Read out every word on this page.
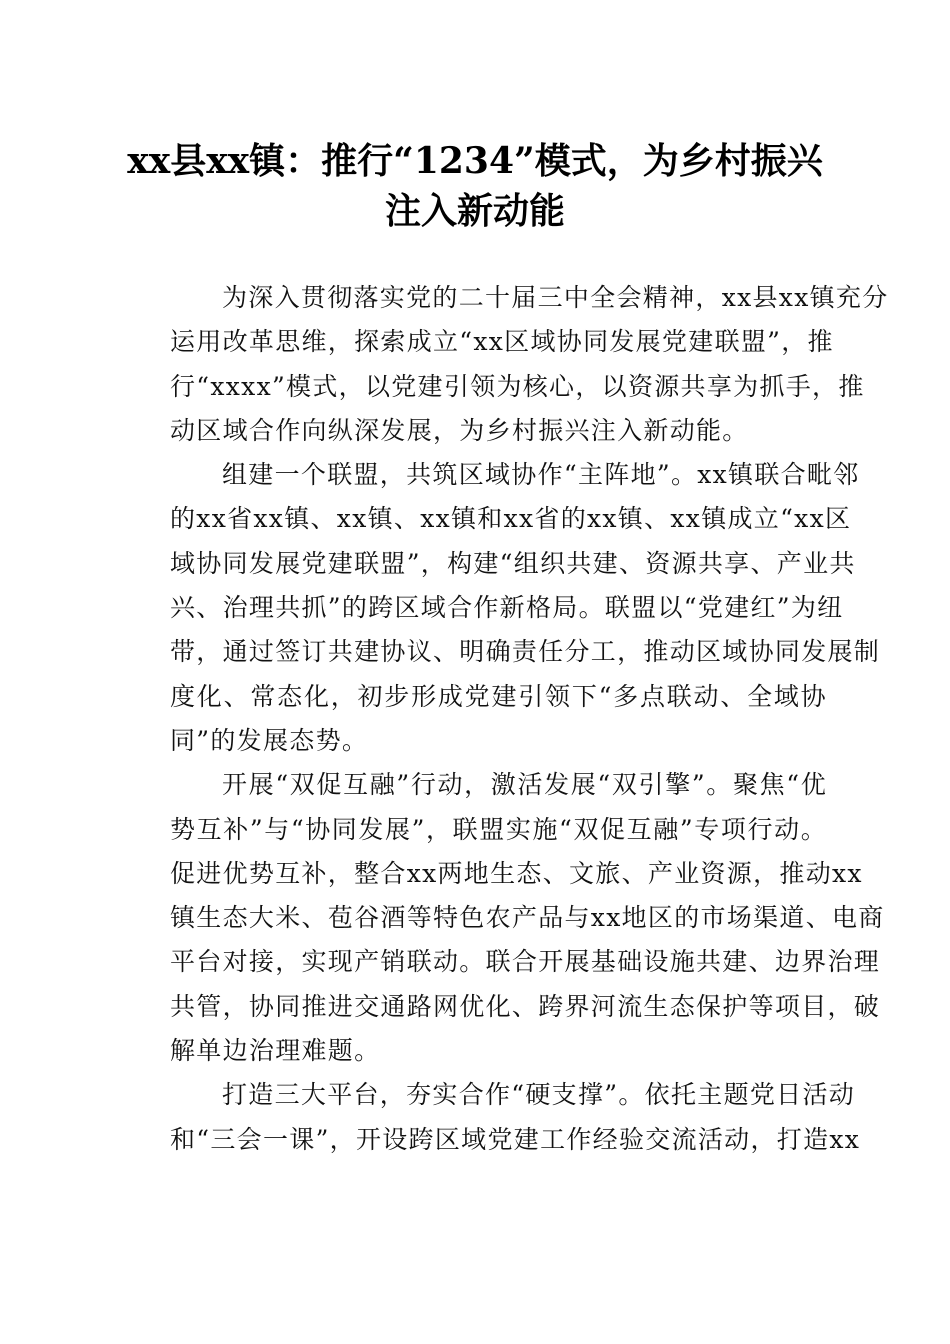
xx县xx镇：推行“1234”模式，为乡村振兴
注入新动能
为深入贯彻落实党的二十届三中全会精神，xx县xx镇充分
运用改革思维，探索成立“xx区域协同发展党建联盟”，推
行“xxxx”模式，以党建引领为核心，以资源共享为抓手，推
动区域合作向纵深发展，为乡村振兴注入新动能。
组建一个联盟，共筑区域协作“主阵地”。xx镇联合毗邻
的xx省xx镇、xx镇、xx镇和xx省的xx镇、xx镇成立“xx区
域协同发展党建联盟”，构建“组织共建、资源共享、产业共
兴、治理共抓”的跨区域合作新格局。联盟以“党建红”为纽
带，通过签订共建协议、明确责任分工，推动区域协同发展制
度化、常态化，初步形成党建引领下“多点联动、全域协
同”的发展态势。
开展“双促互融”行动，激活发展“双引擎”。聚焦“优
势互补”与“协同发展”，联盟实施“双促互融”专项行动。
促进优势互补，整合xx两地生态、文旅、产业资源，推动xx
镇生态大米、苞谷酒等特色农产品与xx地区的市场渠道、电商
平台对接，实现产销联动。联合开展基础设施共建、边界治理
共管，协同推进交通路网优化、跨界河流生态保护等项目，破
解单边治理难题。
打造三大平台，夯实合作“硬支撑”。依托主题党日活动
和“三会一课”，开设跨区域党建工作经验交流活动，打造xx
